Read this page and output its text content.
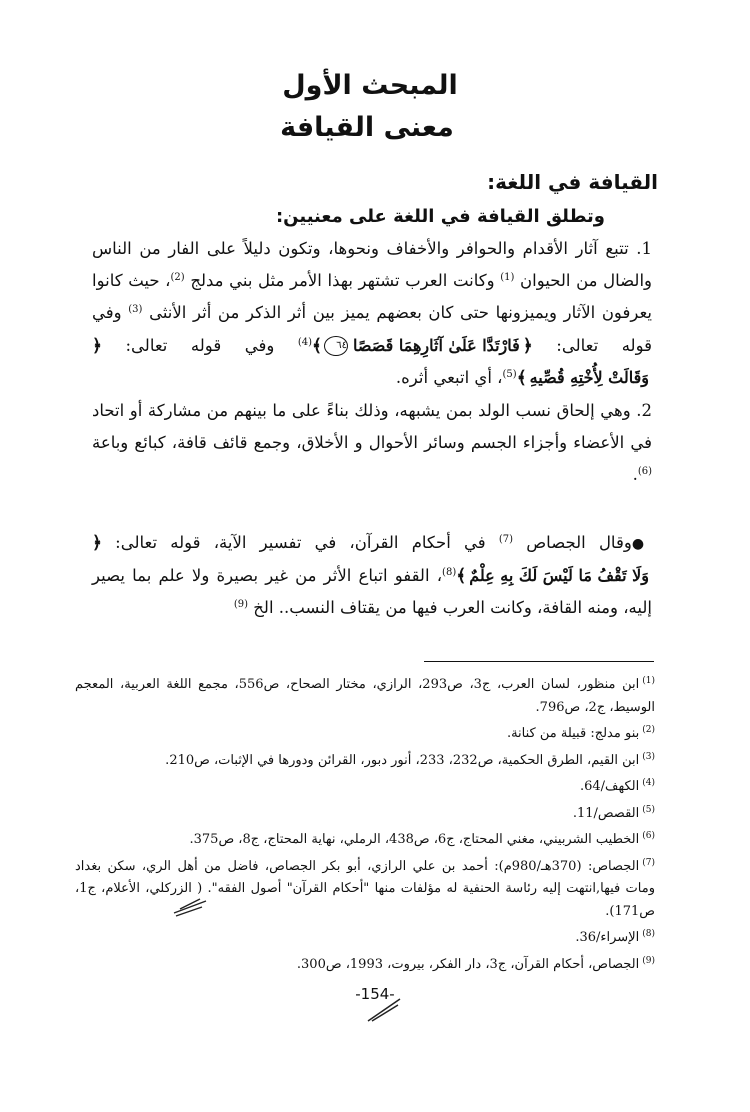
المبحث الأول
معنى القيافة
القيافة في اللغة:

وتطلق القيافة في اللغة على معنيين:

1. تتبع آثار الأقدام والحوافر والأخفاف ونحوها، وتكون دليلاً على الفار من الناس والضال من الحيوان $^{(1)}$ وكانت العرب تشتهر بهذا الأمر مثل بني مدلج $^{(2)}$، حيث كانوا يعرفون الآثار ويميزونها حتى كان بعضهم يميز بين أثر الذكر من أثر الأنثى $^{(3)}$ وفي قوله تعالى: ﴿فَارْتَدَّا عَلَىٰ آثَارِهِمَا قَصَصًا٦٤﴾$^{(4)}$ وفي قوله تعالى: ﴿وَقَالَتْ لِأُخْتِهِ قُصِّيهِ﴾$^{(5)}$، أي اتبعي أثره.

2. وهي إلحاق نسب الولد بمن يشبهه، وذلك بناءً على ما بينهم من مشاركة أو اتحاد في الأعضاء وأجزاء الجسم وسائر الأحوال و الأخلاق، وجمع قائف قافة، كبائع وباعة $^{(6)}$.

●وقال الجصاص $^{(7)}$ في أحكام القرآن، في تفسير الآية، قوله تعالى: ﴿وَلَا تَقْفُ مَا لَيْسَ لَكَ بِهِ عِلْمٌ﴾$^{(8)}$، القفو اتباع الأثر من غير بصيرة ولا علم بما يصير إليه، ومنه القافة، وكانت العرب فيها من يقتاف النسب.. الخ $^{(9)}$

$^{(1)}$ابن منظور، لسان العرب، ج3، ص293، الرازي، مختار الصحاح، ص556، مجمع اللغة العربية، المعجم الوسيط، ج2، ص796.
$^{(2)}$بنو مدلج: قبيلة من كنانة.
$^{(3)}$ابن القيم، الطرق الحكمية، ص232، 233، أنور دبور، القرائن ودورها في الإثبات، ص210.
$^{(4)}$الكهف/64.
$^{(5)}$القصص/11.
$^{(6)}$الخطيب الشربيني، مغني المحتاج، ج6، ص438، الرملي، نهاية المحتاج، ج8، ص375.
$^{(7)}$الجصاص: (370هـ/980م): أحمد بن علي الرازي، أبو بكر الجصاص، فاضل من أهل الري، سكن بغداد ومات فيها,انتهت إليه رئاسة الحنفية له مؤلفات منها "أحكام القرآن" أصول الفقه". ( الزركلي، الأعلام، ج1، ص171).
$^{(8)}$الإسراء/36.
$^{(9)}$الجصاص، أحكام القرآن، ج3، دار الفكر، بيروت، 1993، ص300.
-154-
